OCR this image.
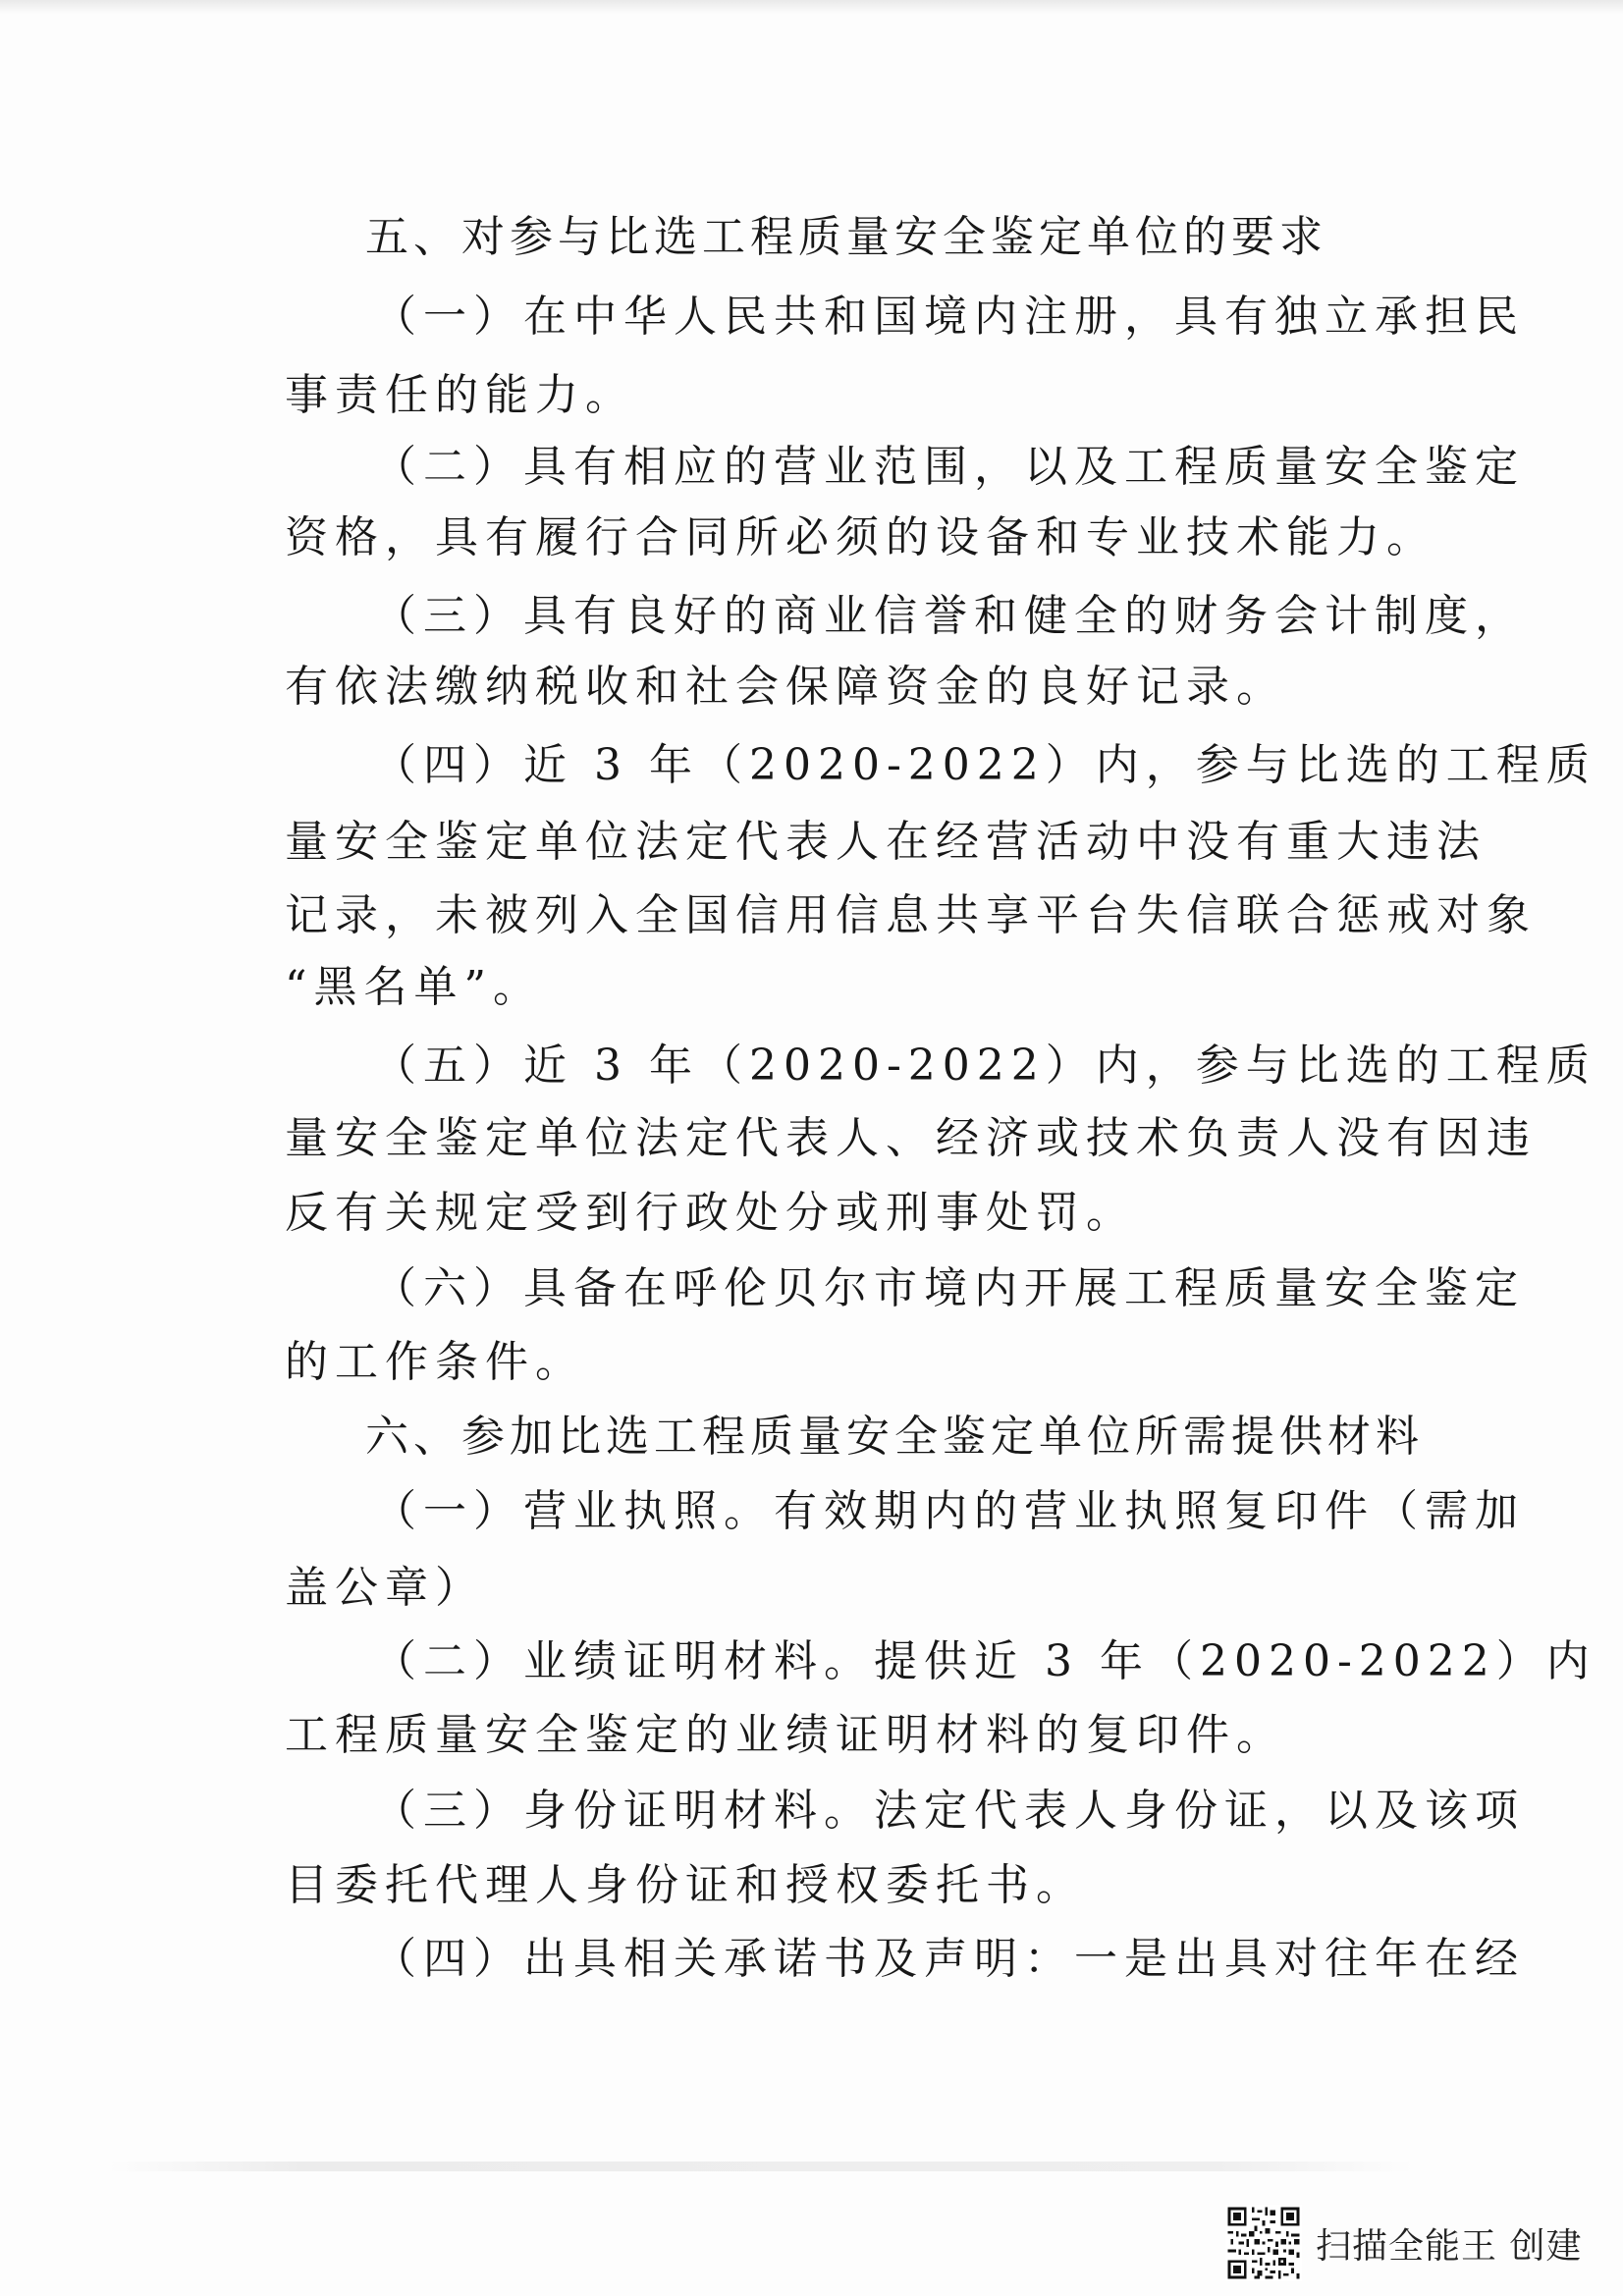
五、对参与比选工程质量安全鉴定单位的要求
（一）在中华人民共和国境内注册，具有独立承担民
事责任的能力。
（二）具有相应的营业范围，以及工程质量安全鉴定
资格，具有履行合同所必须的设备和专业技术能力。
（三）具有良好的商业信誉和健全的财务会计制度，
有依法缴纳税收和社会保障资金的良好记录。
（四）近 3 年（2020-2022）内，参与比选的工程质
量安全鉴定单位法定代表人在经营活动中没有重大违法
记录，未被列入全国信用信息共享平台失信联合惩戒对象
“黑名单”。
（五）近 3 年（2020-2022）内，参与比选的工程质
量安全鉴定单位法定代表人、经济或技术负责人没有因违
反有关规定受到行政处分或刑事处罚。
（六）具备在呼伦贝尔市境内开展工程质量安全鉴定
的工作条件。
六、参加比选工程质量安全鉴定单位所需提供材料
（一）营业执照。有效期内的营业执照复印件（需加
盖公章）
（二）业绩证明材料。提供近 3 年（2020-2022）内
工程质量安全鉴定的业绩证明材料的复印件。
（三）身份证明材料。法定代表人身份证，以及该项
目委托代理人身份证和授权委托书。
（四）出具相关承诺书及声明：一是出具对往年在经
扫描全能王 创建
